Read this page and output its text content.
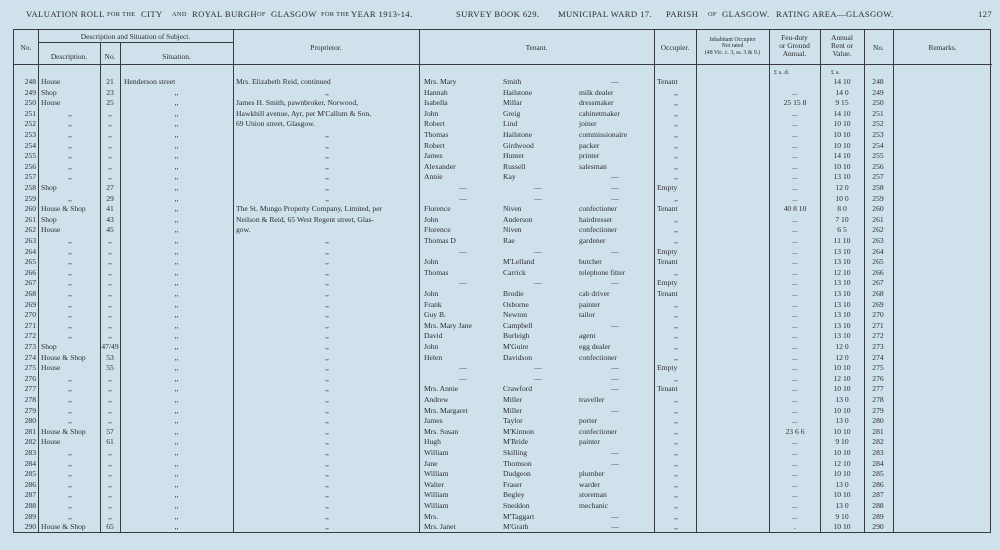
VALUATION ROLL FOR THE CITY AND ROYAL BURGH OF GLASGOW FOR THE YEAR 1913-14.	SURVEY BOOK 629. MUNICIPAL WARD 17. PARISH OF GLASGOW. RATING AREA—GLASGOW.	127
No.
Description and Situation of Subject.
Description.	No.	Situation.
Proprietor.	Tenant.	Occupier.
Inhabitant Occupier
Not rated
(48 Vic. c. 3, ss. 3 & 9.)
Feu-duty
or Ground
Annual.
Annual
Rent or
Value.
No.	Remarks.
£ s. d.	£ s.
248 House	21	Henderson street	Mrs. Elizabeth Reid, continued	Mrs. Mary	Smith	—	Tenant	14 10	248
249 Shop	23	,,	,,	Hannah	Hailstone	milk dealer	,,	...	14 0	249
250 House	25	,,	James H. Smith, pawnbroker, Norwood,	Isabella	Millar	dressmaker	,,	25 15 8	9 15	250
251	,,	,,	,,	Hawkhill avenue, Ayr, per M'Callum & Son,	John	Greig	cabinetmaker	,,	...	14 10	251
252	,,	,,	,,	69 Union street, Glasgow.	Robert	Lind	joiner	,,	...	10 10	252
253	,,	,,	,,	,,	Thomas	Hailstone	commissionaire	,,	...	10 10	253
254	,,	,,	,,	,,	Robert	Girdwood	packer	,,	...	10 10	254
255	,,	,,	,,	,,	James	Hunter	printer	,,	...	14 10	255
256	,,	,,	,,	,,	Alexander	Russell	salesman	,,	...	10 10	256
257	,,	,,	,,	,,	Annie	Kay	—	,,	...	13 10	257
258 Shop	27	,,	,,	—	—	—	Empty	...	12 0	258
259	,,	29	,,	,,	—	—	—	,,	...	10 0	259
260 House & Shop	41	,,	The St. Mungo Property Company, Limited, per	Florence	Niven	confectioner	Tenant	40 8 10	8 0	260
261 Shop	43	,,	Neilson & Reid, 65 West Regent street, Glas-	John	Anderson	hairdresser	,,	...	7 10	261
262 House	45	,,	gow.	Florence	Niven	confectioner	,,	...	6 5	262
263	,,	,,	,,	,,	Thomas D	Rae	gardener	,,	...	11 10	263
264	,,	,,	,,	,,	—	—	—	Empty	...	13 10	264
265	,,	,,	,,	,,	John	M'Lelland	butcher	Tenant	...	13 10	265
266	,,	,,	,,	,,	Thomas	Carrick	telephone fitter	,,	...	12 10	266
267	,,	,,	,,	,,	—	—	—	Empty	...	13 10	267
268	,,	,,	,,	,,	John	Brodie	cab driver	Tenant	...	13 10	268
269	,,	,,	,,	,,	Frank	Osborne	painter	,,	...	13 10	269
270	,,	,,	,,	,,	Guy B.	Newton	tailor	,,	...	13 10	270
271	,,	,,	,,	,,	Mrs. Mary Jane	Campbell	—	,,	...	13 10	271
272	,,	,,	,,	,,	David	Burleigh	agent	,,	...	13 10	272
273 Shop	47/49	,,	,,	John	M'Guire	egg dealer	,,	...	12 0	273
274 House & Shop	53	,,	,,	Helen	Davidson	confectioner	,,	...	12 0	274
275 House	55	,,	,,	—	—	—	Empty	...	10 10	275
276	,,	,,	,,	,,	—	—	—	,,	...	12 10	276
277	,,	,,	,,	,,	Mrs. Annie	Crawford	—	Tenant	...	10 10	277
278	,,	,,	,,	,,	Andrew	Miller	traveller	,,	...	13 0	278
279	,,	,,	,,	,,	Mrs. Margaret	Miller	—	,,	...	10 10	279
280	,,	,,	,,	,,	James	Taylor	porter	,,	...	13 0	280
281 House & Shop	57	,,	,,	Mrs. Susan	M'Kinnon	confectioner	,,	23 6 6	10 10	281
282 House	61	,,	,,	Hugh	M'Bride	painter	,,	...	9 10	282
283	,,	,,	,,	,,	William	Skilling	—	,,	...	10 10	283
284	,,	,,	,,	,,	Jane	Thomson	—	,,	...	12 10	284
285	,,	,,	,,	,,	William	Dudgeon	plumber	,,	...	10 10	285
286	,,	,,	,,	,,	Walter	Fraser	warder	,,	...	13 0	286
287	,,	,,	,,	,,	William	Begley	storeman	,,	...	10 10	287
288	,,	,,	,,	,,	William	Sneddon	mechanic	,,	...	13 0	288
289	,,	,,	,,	,,	Mrs.	M'Taggart	—	,,	...	9 10	289
290 House & Shop	65	,,	,,	Mrs. Janet	M'Grath	—	,,	.	10 10	290
